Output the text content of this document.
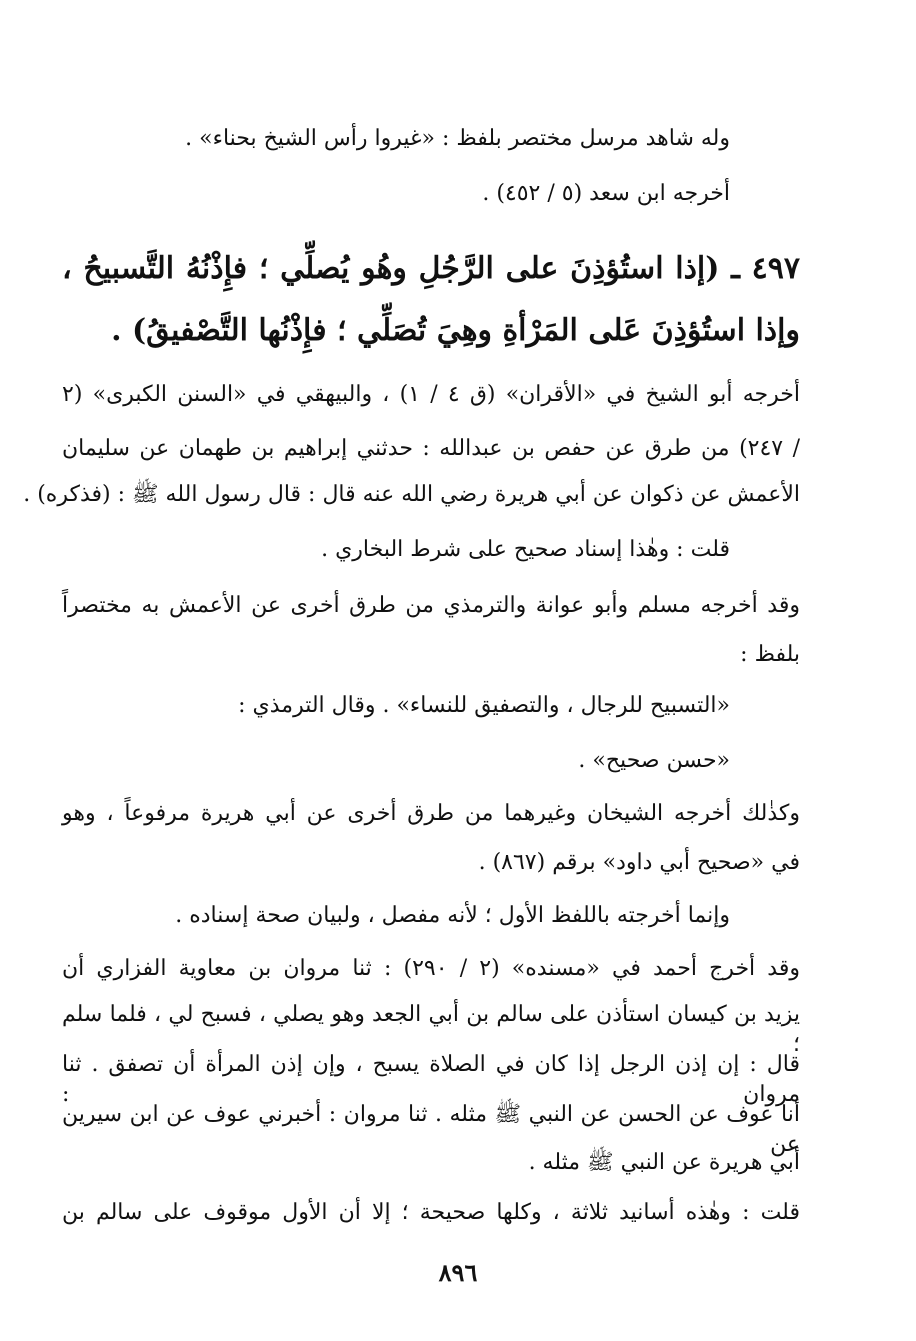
وله شاهد مرسل مختصر بلفظ : «غيروا رأس الشيخ بحناء» .
أخرجه ابن سعد (٥ / ٤٥٢) .
٤٩٧ ـ (إذا استُؤذِنَ على الرَّجُلِ وهُو يُصلِّي ؛ فإِذْنُهُ التَّسبيحُ ،
وإذا استُؤذِنَ عَلى المَرْأةِ وهِيَ تُصَلِّي ؛ فإِذْنُها التَّصْفيقُ) .
أخرجه أبو الشيخ في «الأقران» (ق ٤ / ١) ، والبيهقي في «السنن الكبرى» (٢
/ ٢٤٧) من طرق عن حفص بن عبدالله : حدثني إبراهيم بن طهمان عن سليمان
الأعمش عن ذكوان عن أبي هريرة رضي الله عنه قال : قال رسول الله ﷺ : (فذكره) .
قلت : وهٰذا إسناد صحيح على شرط البخاري .
وقد أخرجه مسلم وأبو عوانة والترمذي من طرق أخرى عن الأعمش به مختصراً
بلفظ :
«التسبيح للرجال ، والتصفيق للنساء» . وقال الترمذي :
«حسن صحيح» .
وكذٰلك أخرجه الشيخان وغيرهما من طرق أخرى عن أبي هريرة مرفوعاً ، وهو
في «صحيح أبي داود» برقم (٨٦٧) .
وإنما أخرجته باللفظ الأول ؛ لأنه مفصل ، ولبيان صحة إسناده .
وقد أخرج أحمد في «مسنده» (٢ / ٢٩٠) : ثنا مروان بن معاوية الفزاري أن
يزيد بن كيسان استأذن على سالم بن أبي الجعد وهو يصلي ، فسبح لي ، فلما سلم ؛
قال : إن إذن الرجل إذا كان في الصلاة يسبح ، وإن إذن المرأة أن تصفق . ثنا مروان :
أنا عوف عن الحسن عن النبي ﷺ مثله . ثنا مروان : أخبرني عوف عن ابن سيرين عن
أبي هريرة عن النبي ﷺ مثله .
قلت : وهٰذه أسانيد ثلاثة ، وكلها صحيحة ؛ إلا أن الأول موقوف على سالم بن
٨٩٦
